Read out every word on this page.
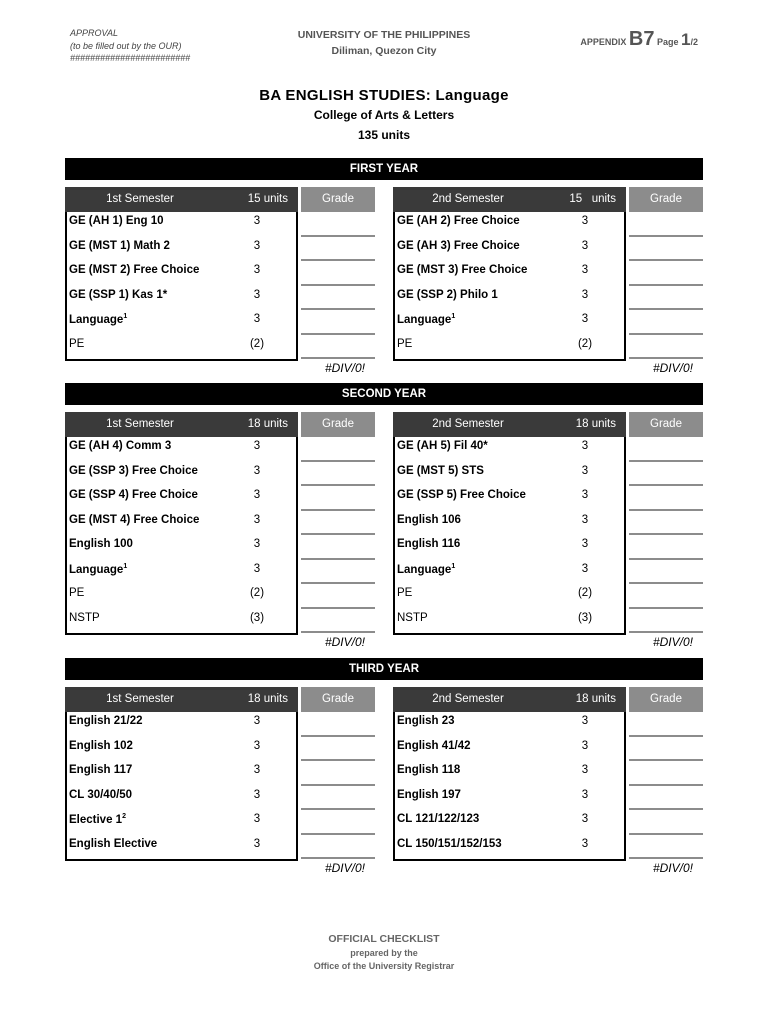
APPROVAL
(to be filled out by the OUR)
########################
UNIVERSITY OF THE PHILIPPINES
Diliman, Quezon City
APPENDIX B7 Page 1/2
BA ENGLISH STUDIES: Language
College of Arts & Letters
135 units
FIRST YEAR
1st Semester	15 units	Grade
GE (AH 1) Eng 10	3
GE (MST 1) Math 2	3
GE (MST 2) Free Choice	3
GE (SSP 1) Kas 1*	3
Language$^1$	3
PE	(2)
#DIV/0!
2nd Semester	15   units	Grade
GE (AH 2) Free Choice	3
GE (AH 3) Free Choice	3
GE (MST 3) Free Choice	3
GE (SSP 2) Philo 1	3
Language$^1$	3
PE	(2)
#DIV/0!
SECOND YEAR
1st Semester	18 units	Grade
GE (AH 4) Comm 3	3
GE (SSP 3) Free Choice	3
GE (SSP 4) Free Choice	3
GE (MST 4) Free Choice	3
English 100	3
Language$^1$	3
PE	(2)
NSTP	(3)
#DIV/0!
2nd Semester	18 units	Grade
GE (AH 5) Fil 40*	3
GE (MST 5) STS	3
GE (SSP 5) Free Choice	3
English 106	3
English 116	3
Language$^1$	3
PE	(2)
NSTP	(3)
#DIV/0!
THIRD YEAR
1st Semester	18 units	Grade
English 21/22	3
English 102	3
English 117	3
CL 30/40/50	3
Elective $1^2$	3
English Elective	3
#DIV/0!
2nd Semester	18 units	Grade
English 23	3
English 41/42	3
English 118	3
English 197	3
CL 121/122/123	3
CL 150/151/152/153	3
#DIV/0!
OFFICIAL CHECKLIST
prepared by the
Office of the University Registrar
